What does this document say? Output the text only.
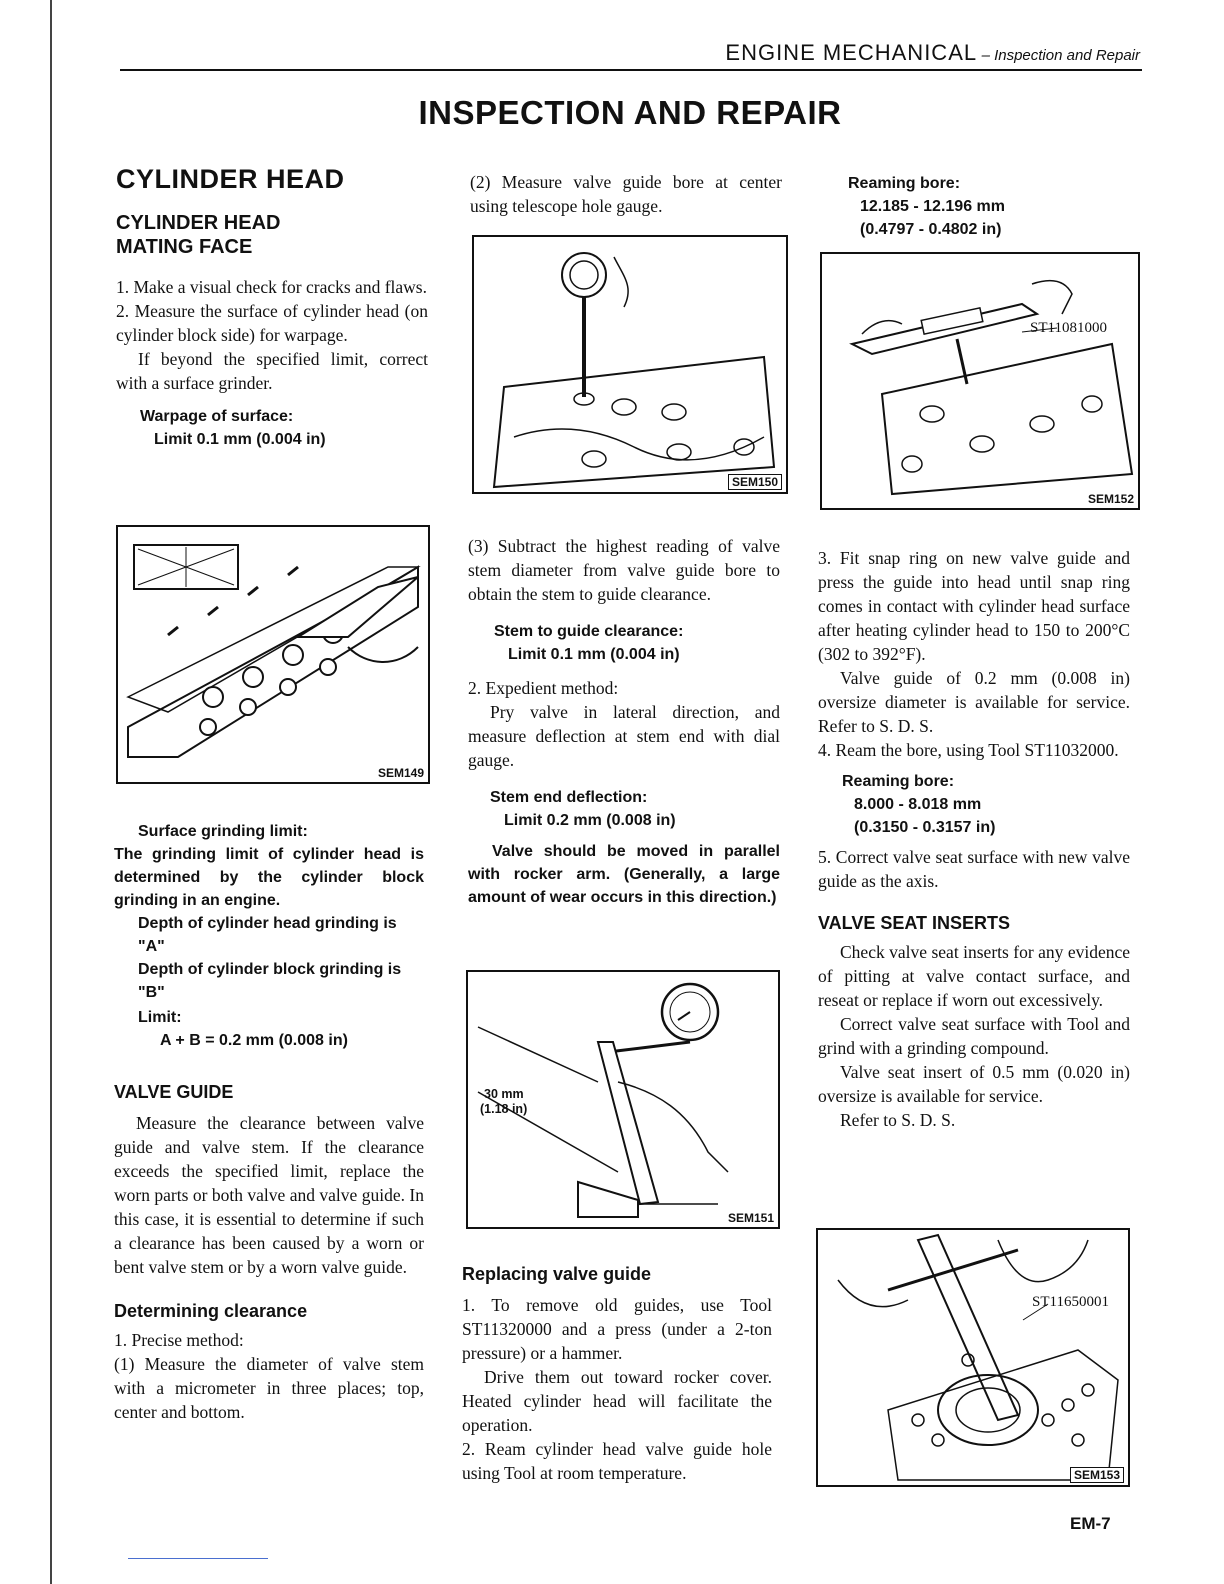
ENGINE MECHANICAL – Inspection and Repair
INSPECTION AND REPAIR
CYLINDER HEAD
CYLINDER HEAD
MATING FACE

1. Make a visual check for cracks and flaws.

2. Measure the surface of cylinder head (on cylinder block side) for warpage.

If beyond the specified limit, correct with a surface grinder.

Warpage of surface:
Limit 0.1 mm (0.004 in)
SEM149
Surface grinding limit:

The grinding limit of cylinder head is determined by the cylinder block grinding in an engine.

Depth of cylinder head grinding is "A"

Depth of cylinder block grinding is "B"

Limit:
A + B = 0.2 mm (0.008 in)
VALVE GUIDE

Measure the clearance between valve guide and valve stem. If the clearance exceeds the specified limit, replace the worn parts or both valve and valve guide. In this case, it is essential to determine if such a clearance has been caused by a worn or bent valve stem or by a worn valve guide.

Determining clearance

1. Precise method:

(1) Measure the diameter of valve stem with a micrometer in three places; top, center and bottom.

(2) Measure valve guide bore at center using telescope hole gauge.

SEM150

(3) Subtract the highest reading of valve stem diameter from valve guide bore to obtain the stem to guide clearance.

Stem to guide clearance:
Limit 0.1 mm (0.004 in)

2. Expedient method:

Pry valve in lateral direction, and measure deflection at stem end with dial gauge.

Stem end deflection:
Limit 0.2 mm (0.008 in)

Valve should be moved in parallel with rocker arm. (Generally, a large amount of wear occurs in this direction.)

30 mm
(1.18 in)
SEM151
Replacing valve guide

1. To remove old guides, use Tool ST11320000 and a press (under a 2-ton pressure) or a hammer.

Drive them out toward rocker cover. Heated cylinder head will facilitate the operation.

2. Ream cylinder head valve guide hole using Tool at room temperature.

Reaming bore:
12.185 - 12.196 mm
(0.4797 - 0.4802 in)
ST11081000
SEM152

3. Fit snap ring on new valve guide and press the guide into head until snap ring comes in contact with cylinder head surface after heating cylinder head to 150 to 200°C (302 to 392°F).

Valve guide of 0.2 mm (0.008 in) oversize diameter is available for service. Refer to S. D. S.

4. Ream the bore, using Tool ST11032000.

Reaming bore:
8.000 - 8.018 mm
(0.3150 - 0.3157 in)

5. Correct valve seat surface with new valve guide as the axis.

VALVE SEAT INSERTS

Check valve seat inserts for any evidence of pitting at valve contact surface, and reseat or replace if worn out excessively.

Correct valve seat surface with Tool and grind with a grinding compound.

Valve seat insert of 0.5 mm (0.020 in) oversize is available for service.

Refer to S. D. S.

ST11650001
SEM153
EM-7
